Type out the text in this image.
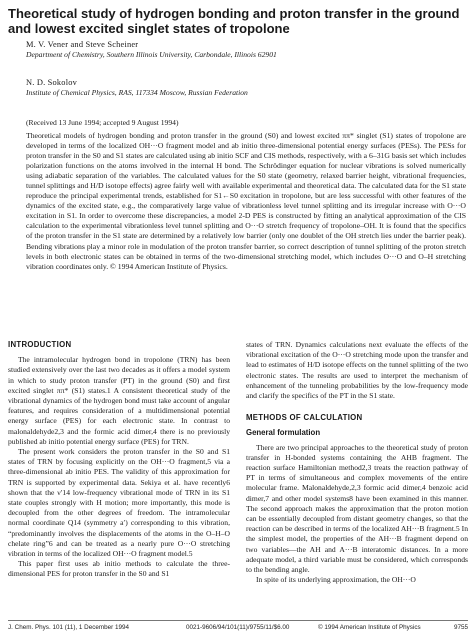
Theoretical study of hydrogen bonding and proton transfer in the ground and lowest excited singlet states of tropolone
M. V. Vener and Steve Scheiner
Department of Chemistry, Southern Illinois University, Carbondale, Illinois 62901
N. D. Sokolov
Institute of Chemical Physics, RAS, 117334 Moscow, Russian Federation
(Received 13 June 1994; accepted 9 August 1994)

Theoretical models of hydrogen bonding and proton transfer in the ground (S0) and lowest excited ππ* singlet (S1) states of tropolone are developed in terms of the localized OH···O fragment model and ab initio three-dimensional potential energy surfaces (PESs). The PESs for proton transfer in the S0 and S1 states are calculated using ab initio SCF and CIS methods, respectively, with a 6–31G basis set which includes polarization functions on the atoms involved in the internal H bond. The Schrödinger equation for nuclear vibrations is solved numerically using adiabatic separation of the variables. The calculated values for the S0 state (geometry, relaxed barrier height, vibrational frequencies, tunnel splittings and H/D isotope effects) agree fairly well with available experimental and theoretical data. The calculated data for the S1 state reproduce the principal experimental trends, established for S1←S0 excitation in tropolone, but are less successful with other features of the dynamics of the excited state, e.g., the comparatively large value of vibrationless level tunnel splitting and its irregular increase with O···O excitation in S1. In order to overcome these discrepancies, a model 2-D PES is constructed by fitting an analytical approximation of the CIS calculation to the experimental vibrationless level tunnel splitting and O···O stretch frequency of tropolone–OH. It is found that the specifics of the proton transfer in the S1 state are determined by a relatively low barrier (only one doublet of the OH stretch lies under the barrier peak). Bending vibrations play a minor role in modulation of the proton transfer barrier, so correct description of tunnel splitting of the proton stretch levels in both electronic states can be obtained in terms of the two-dimensional stretching model, which includes O···O and O–H stretching vibration coordinates only. © 1994 American Institute of Physics.

INTRODUCTION

The intramolecular hydrogen bond in tropolone (TRN) has been studied extensively over the last two decades as it offers a model system in which to study proton transfer (PT) in the ground (S0) and first excited singlet ππ* (S1) states.1 A consistent theoretical study of the vibrational dynamics of the hydrogen bond must take account of angular features, and requires consideration of a multidimensional potential energy surface (PES) for each electronic state. In contrast to malonaldehyde2,3 and the formic acid dimer,4 there is no previously published ab initio potential energy surface (PES) for TRN.

The present work considers the proton transfer in the S0 and S1 states of TRN by focusing explicitly on the OH···O fragment,5 via a three-dimensional ab initio PES. The validity of this approximation for TRN is supported by experimental data. Sekiya et al. have recently6 shown that the ν′14 low-frequency vibrational mode of TRN in its S1 state couples strongly with H motion; more importantly, this mode is decoupled from the other degrees of freedom. The intramolecular normal coordinate Q14 (symmetry a′) corresponding to this vibration, “predominantly involves the displacements of the atoms in the O–H–O chelate ring”6 and can be treated as a nearly pure O···O stretching vibration in terms of the localized OH···O fragment model.5

This paper first uses ab initio methods to calculate the three-dimensional PES for proton transfer in the S0 and S1

states of TRN. Dynamics calculations next evaluate the effects of the vibrational excitation of the O···O stretching mode upon the transfer and lead to estimates of H/D isotope effects on the tunnel splitting of the two electronic states. The results are used to interpret the mechanism of enhancement of the tunneling probabilities by the low-frequency mode and clarify the specifics of the PT in the S1 state.

METHODS OF CALCULATION
General formulation

There are two principal approaches to the theoretical study of proton transfer in H-bonded systems containing the AHB fragment. The reaction surface Hamiltonian method2,3 treats the reaction pathway of PT in terms of simultaneous and complex movements of the entire molecular frame. Malonaldehyde,2,3 formic acid dimer,4 benzoic acid dimer,7 and other model systems8 have been examined in this manner. The second approach makes the approximation that the proton motion can be essentially decoupled from distant geometry changes, so that the reaction can be described in terms of the localized AH···B fragment.5 In the simplest model, the properties of the AH···B fragment depend on two variables—the AH and A···B interatomic distances. In a more adequate model, a third variable must be considered, which corresponds to the bending angle.

In spite of its underlying approximation, the OH···O

J. Chem. Phys. 101 (11), 1 December 1994	0021-9606/94/101(11)/9755/11/$6.00	© 1994 American Institute of Physics	9755
